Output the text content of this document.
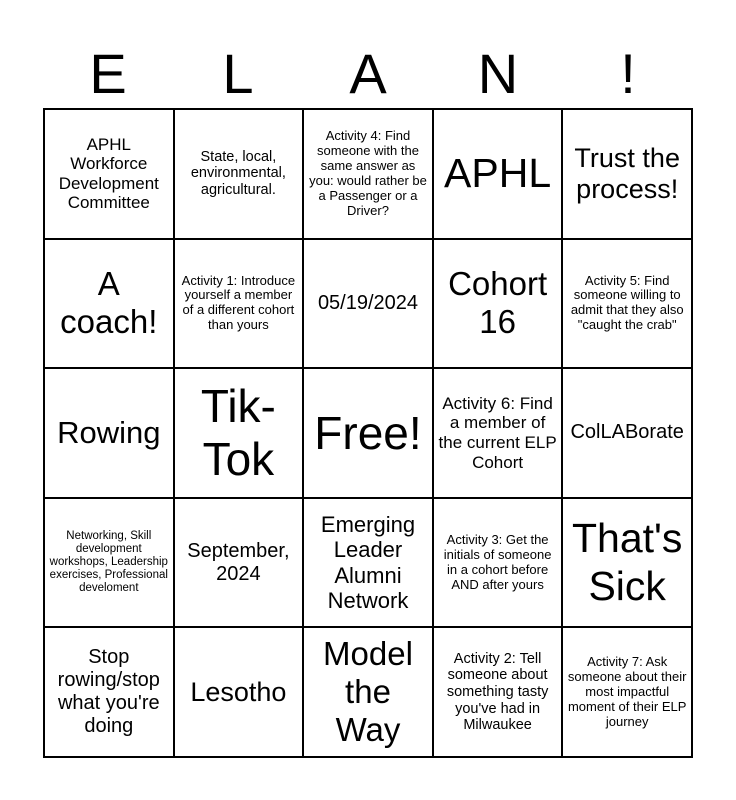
E	L	A	N	!
APHL Workforce Development Committee
State, local, environmental, agricultural.
Activity 4: Find someone with the same answer as you: would rather be a Passenger or a Driver?
APHL Trust the process!
A coach!
Activity 1: Introduce yourself a member of a different cohort than yours
05/19/2024
Cohort 16
Activity 5: Find someone willing to admit that they also "caught the crab"
Rowing
Tik-Tok
Free!
Activity 6: Find a member of the current ELP Cohort
ColLABorate
Networking, Skill development workshops, Leadership exercises, Professional develoment
September, 2024
Emerging Leader Alumni Network
Activity 3: Get the initials of someone in a cohort before AND after yours
That's Sick
Stop rowing/stop what you're doing
Lesotho
Model the Way
Activity 2: Tell someone about something tasty you've had in Milwaukee
Activity 7: Ask someone about their most impactful moment of their ELP journey
